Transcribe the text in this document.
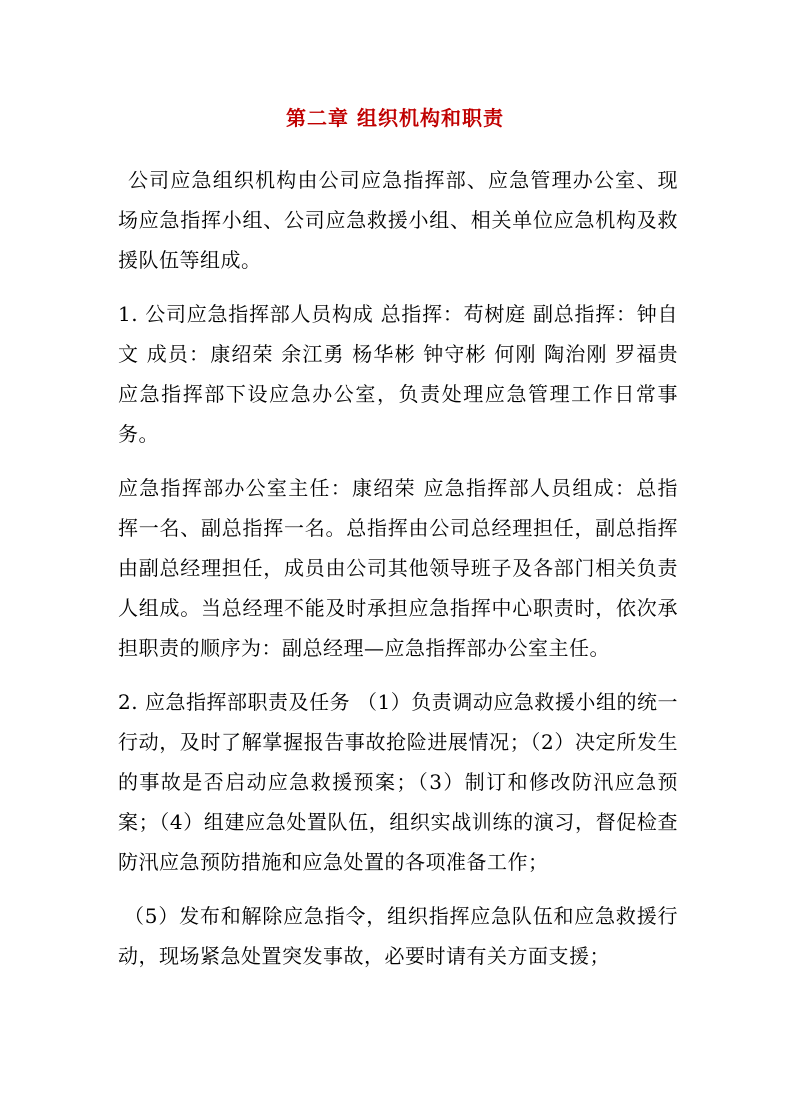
第二章 组织机构和职责

公司应急组织机构由公司应急指挥部、应急管理办公室、现场应急指挥小组、公司应急救援小组、相关单位应急机构及救援队伍等组成。

1. 公司应急指挥部人员构成 总指挥：苟树庭 副总指挥：钟自文 成员：康绍荣 余江勇 杨华彬 钟守彬 何刚 陶治刚 罗福贵 应急指挥部下设应急办公室，负责处理应急管理工作日常事务。

应急指挥部办公室主任：康绍荣 应急指挥部人员组成：总指挥一名、副总指挥一名。总指挥由公司总经理担任，副总指挥由副总经理担任，成员由公司其他领导班子及各部门相关负责人组成。当总经理不能及时承担应急指挥中心职责时，依次承担职责的顺序为：副总经理—应急指挥部办公室主任。

2. 应急指挥部职责及任务 （1）负责调动应急救援小组的统一行动，及时了解掌握报告事故抢险进展情况；（2）决定所发生的事故是否启动应急救援预案；（3）制订和修改防汛应急预案；（4）组建应急处置队伍，组织实战训练的演习，督促检查防汛应急预防措施和应急处置的各项准备工作；

（5）发布和解除应急指令，组织指挥应急队伍和应急救援行动，现场紧急处置突发事故，必要时请有关方面支援；
